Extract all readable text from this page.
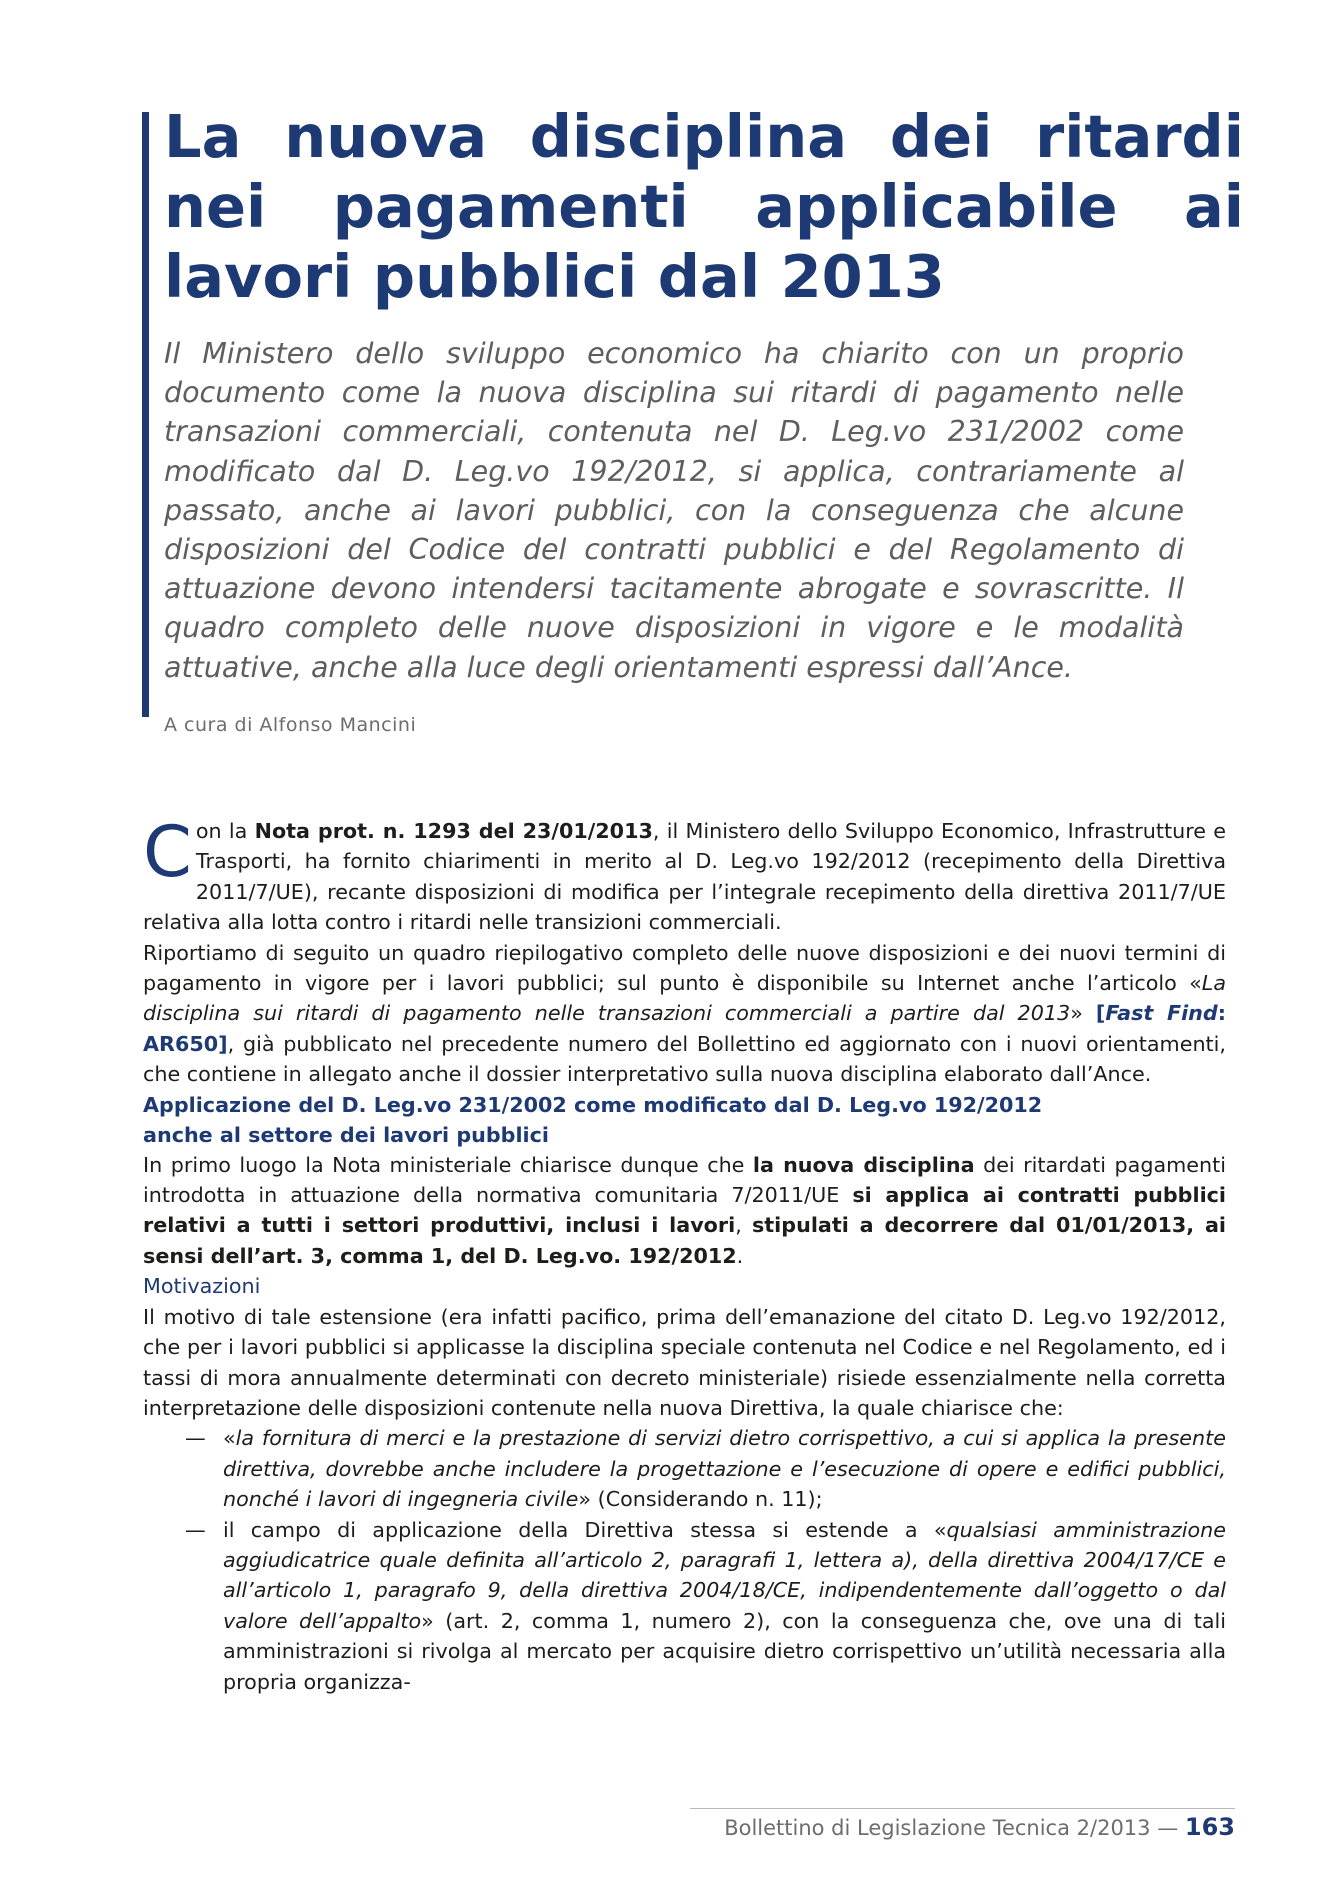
La nuova disciplina dei ritardi nei pagamenti applicabile ai lavori pubblici dal 2013

Il Ministero dello sviluppo economico ha chiarito con un proprio documento come la nuova disciplina sui ritardi di pagamento nelle transazioni commerciali, contenuta nel D. Leg.vo 231/2002 come modificato dal D. Leg.vo 192/2012, si applica, contrariamente al passato, anche ai lavori pubblici, con la conseguenza che alcune disposizioni del Codice del contratti pubblici e del Regolamento di attuazione devono intendersi tacitamente abrogate e sovrascritte. Il quadro completo delle nuove disposizioni in vigore e le modalità attuative, anche alla luce degli orientamenti espressi dall’Ance.

A cura di Alfonso Mancini

Con la Nota prot. n. 1293 del 23/01/2013, il Ministero dello Sviluppo Economico, Infrastrutture e Trasporti, ha fornito chiarimenti in merito al D. Leg.vo 192/2012 (recepimento della Direttiva 2011/7/UE), recante disposizioni di modifica per l’integrale recepimento della direttiva 2011/7/UE relativa alla lotta contro i ritardi nelle transizioni commerciali.

Riportiamo di seguito un quadro riepilogativo completo delle nuove disposizioni e dei nuovi termini di pagamento in vigore per i lavori pubblici; sul punto è disponibile su Internet anche l’articolo «La disciplina sui ritardi di pagamento nelle transazioni commerciali a partire dal 2013» [Fast Find: AR650], già pubblicato nel precedente numero del Bollettino ed aggiornato con i nuovi orientamenti, che contiene in allegato anche il dossier interpretativo sulla nuova disciplina elaborato dall’Ance.

Applicazione del D. Leg.vo 231/2002 come modificato dal D. Leg.vo 192/2012
anche al settore dei lavori pubblici

In primo luogo la Nota ministeriale chiarisce dunque che la nuova disciplina dei ritardati pagamenti introdotta in attuazione della normativa comunitaria 7/2011/UE si applica ai contratti pubblici relativi a tutti i settori produttivi, inclusi i lavori, stipulati a decorrere dal 01/01/2013, ai sensi dell’art. 3, comma 1, del D. Leg.vo. 192/2012.

Motivazioni

Il motivo di tale estensione (era infatti pacifico, prima dell’emanazione del citato D. Leg.vo 192/2012, che per i lavori pubblici si applicasse la disciplina speciale contenuta nel Codice e nel Regolamento, ed i tassi di mora annualmente determinati con decreto ministeriale) risiede essenzialmente nella corretta interpretazione delle disposizioni contenute nella nuova Direttiva, la quale chiarisce che:

— «la fornitura di merci e la prestazione di servizi dietro corrispettivo, a cui si applica la presente direttiva, dovrebbe anche includere la progettazione e l’esecuzione di opere e edifici pubblici, nonché i lavori di ingegneria civile» (Considerando n. 11);
— il campo di applicazione della Direttiva stessa si estende a «qualsiasi amministrazione aggiudicatrice quale definita all’articolo 2, paragrafi 1, lettera a), della direttiva 2004/17/CE e all’articolo 1, paragrafo 9, della direttiva 2004/18/CE, indipendentemente dall’oggetto o dal valore dell’appalto» (art. 2, comma 1, numero 2), con la conseguenza che, ove una di tali amministrazioni si rivolga al mercato per acquisire dietro corrispettivo un’utilità necessaria alla propria organizza-
Bollettino di Legislazione Tecnica 2/2013 — 163
